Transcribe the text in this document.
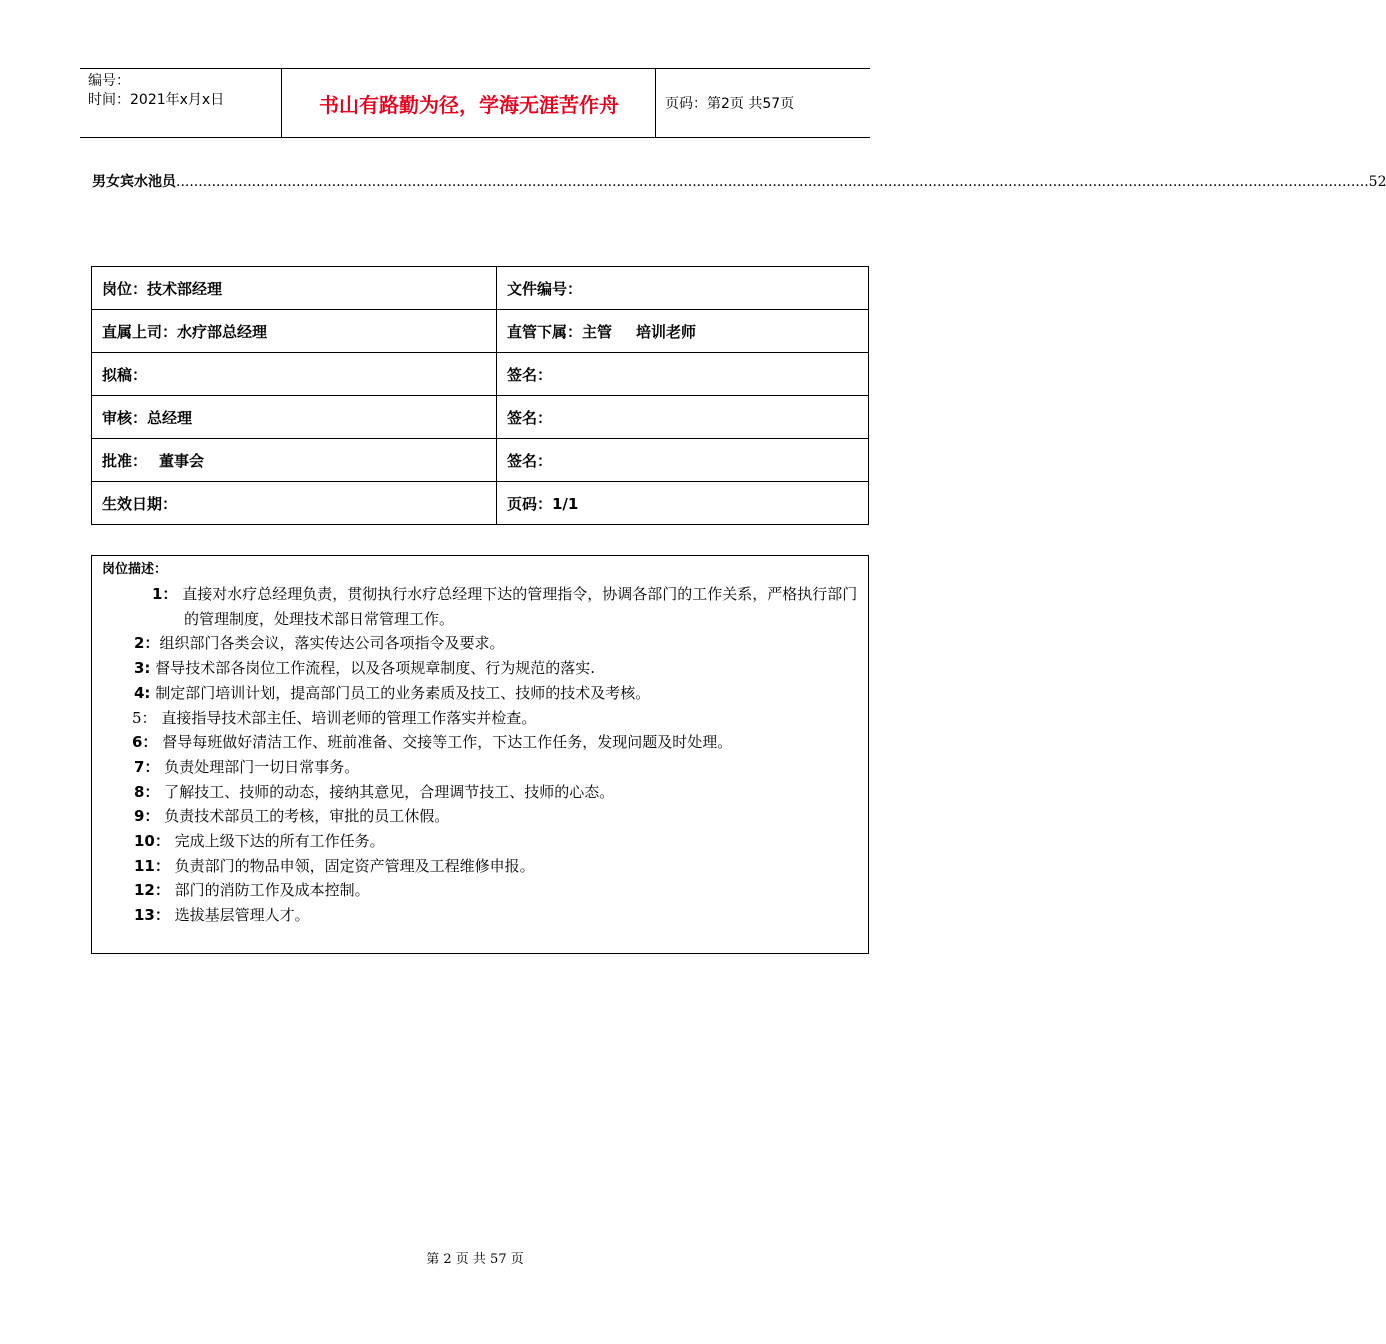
编号：
时间：2021年x月x日	书山有路勤为径，学海无涯苦作舟	页码：第2页 共57页
男女宾水池员 ............................................................................................................................................................................................................................................................................ 52
岗位：技术部经理	文件编号：
直属上司：水疗部总经理	直管下属：主管 培训老师
拟稿：	签名：
审核：总经理	签名：
批准： 董事会	签名：
生效日期：	页码：1/1
岗位描述：
1： 直接对水疗总经理负责，贯彻执行水疗总经理下达的管理指令，协调各部门的工作关系，严格执行部门的管理制度，处理技术部日常管理工作。
2：组织部门各类会议，落实传达公司各项指令及要求。
3: 督导技术部各岗位工作流程，以及各项规章制度、行为规范的落实.
4: 制定部门培训计划，提高部门员工的业务素质及技工、技师的技术及考核。
5： 直接指导技术部主任、培训老师的管理工作落实并检查。
6： 督导每班做好清洁工作、班前准备、交接等工作，下达工作任务，发现问题及时处理。
7： 负责处理部门一切日常事务。
8： 了解技工、技师的动态，接纳其意见，合理调节技工、技师的心态。
9： 负责技术部员工的考核，审批的员工休假。
10： 完成上级下达的所有工作任务。
11： 负责部门的物品申领，固定资产管理及工程维修申报。
12： 部门的消防工作及成本控制。
13： 选拔基层管理人才。
第 2 页 共 57 页
